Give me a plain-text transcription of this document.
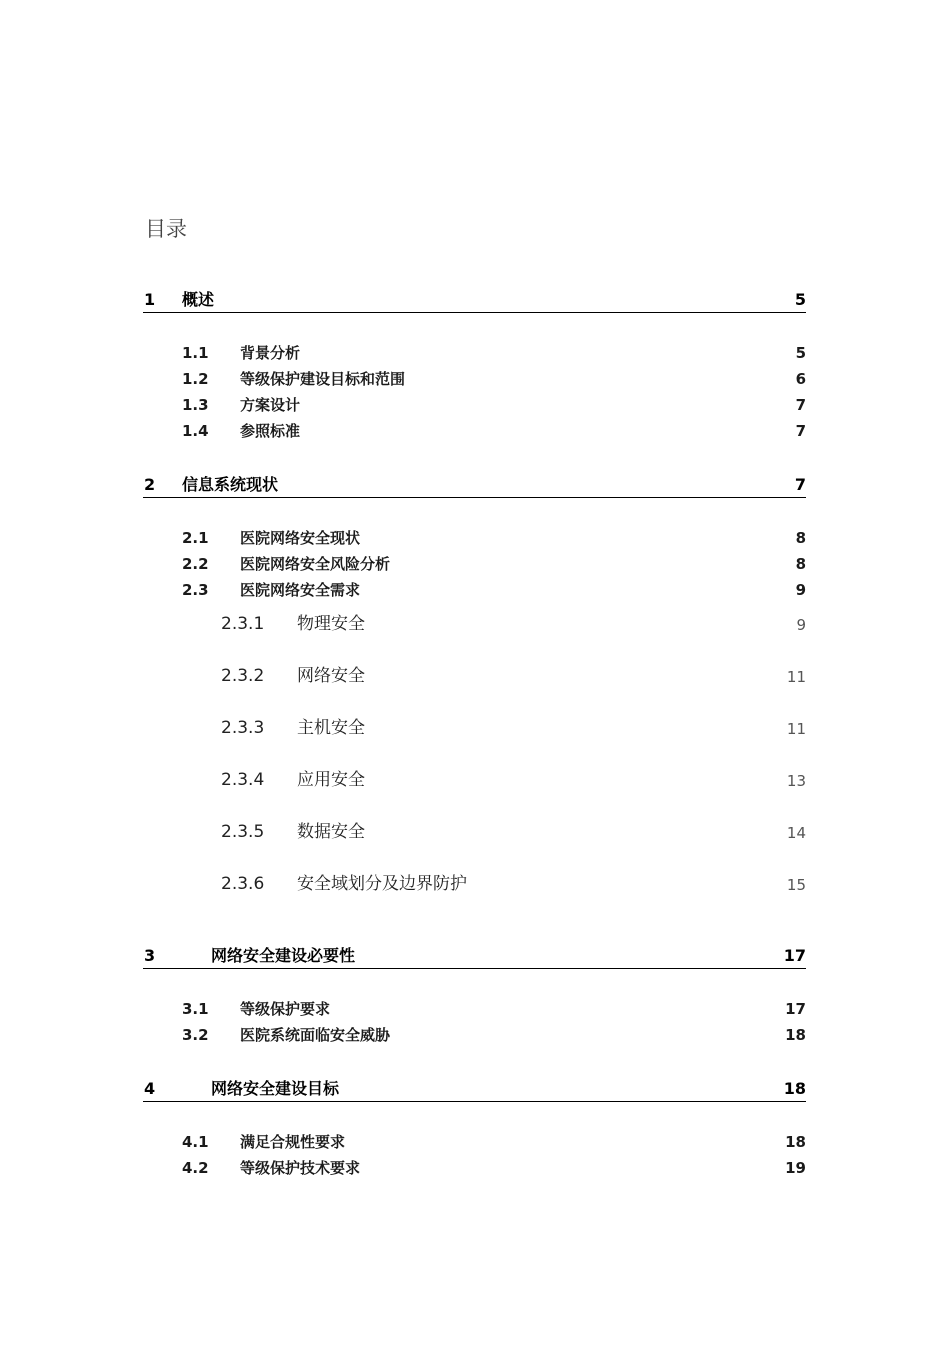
目录
1 概述	5
1.1 背景分析	5
1.2 等级保护建设目标和范围	6
1.3 方案设计	7
1.4 参照标准	7
2 信息系统现状	7
2.1 医院网络安全现状	8
2.2 医院网络安全风险分析	8
2.3 医院网络安全需求	9
2.3.1 物理安全	9
2.3.2 网络安全	11
2.3.3 主机安全	11
2.3.4 应用安全	13
2.3.5 数据安全	14
2.3.6 安全域划分及边界防护	15
3	网络安全建设必要性	17
3.1 等级保护要求	17
3.2 医院系统面临安全威胁	18
4	网络安全建设目标	18
4.1 满足合规性要求	18
4.2 等级保护技术要求	19
